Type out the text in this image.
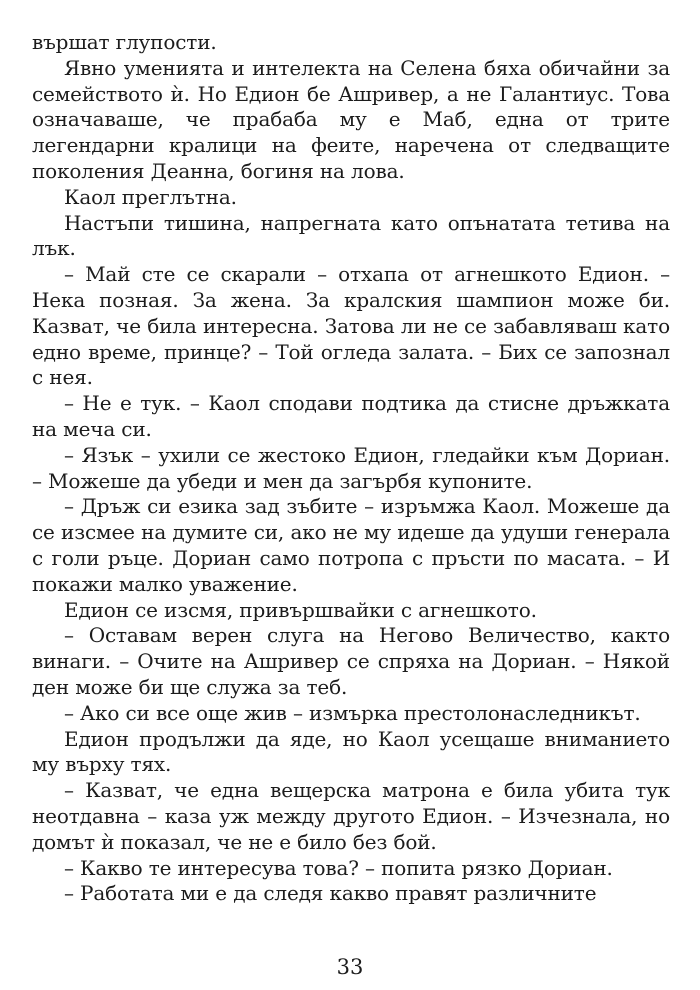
вършат глупости.

Явно уменията и интелекта на Селена бяха обичайни за семейството ѝ. Но Едион бе Ашривер, а не Галантиус. Това означаваше, че прабаба му е Маб, една от трите легендарни кралици на феите, наречена от следващите поколения Деанна, богиня на лова.

Каол преглътна.

Настъпи тишина, напрегната като опънатата тетива на лък.

– Май сте се скарали – отхапа от агнешкото Едион. – Нека позная. За жена. За кралския шампион може би. Казват, че била интересна. Затова ли не се забавляваш като едно време, принце? – Той огледа залата. – Бих се запознал с нея.

– Не е тук. – Каол сподави подтика да стисне дръжката на меча си.

– Язък – ухили се жестоко Едион, гледайки към Дориан. – Можеше да убеди и мен да загърбя купоните.

– Дръж си езика зад зъбите – изръмжа Каол. Можеше да се изсмее на думите си, ако не му идеше да удуши генерала с голи ръце. Дориан само потропа с пръсти по масата. – И покажи малко уважение.

Едион се изсмя, привършвайки с агнешкото.

– Оставам верен слуга на Негово Величество, както винаги. – Очите на Ашривер се спряха на Дориан. – Някой ден може би ще служа за теб.

– Ако си все още жив – измърка престолонаследникът.

Едион продължи да яде, но Каол усещаше вниманието му върху тях.

– Казват, че една вещерска матрона е била убита тук неотдавна – каза уж между другото Едион. – Изчезнала, но домът ѝ показал, че не е било без бой.

– Какво те интересува това? – попита рязко Дориан.

– Работата ми е да следя какво правят различните

33
